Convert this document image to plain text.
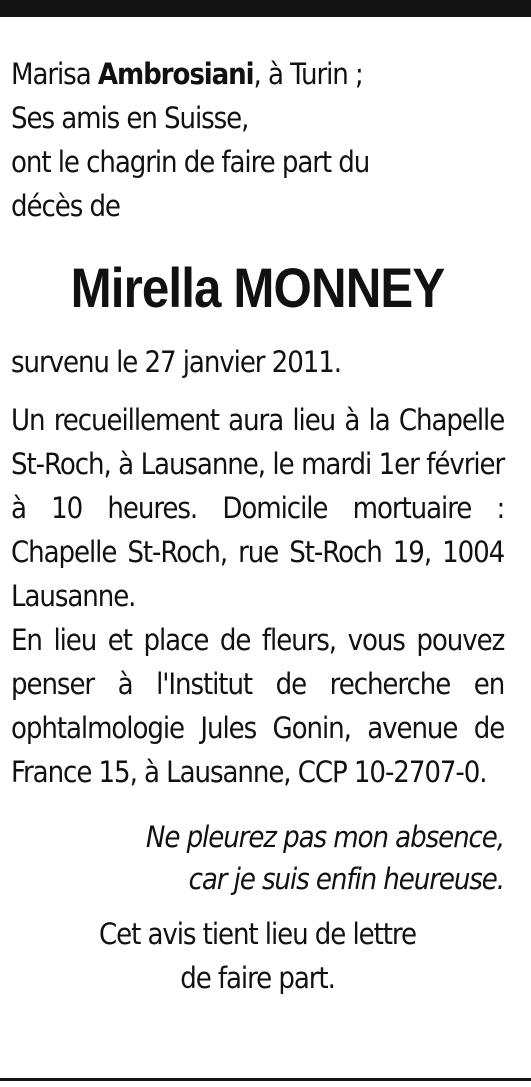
Marisa Ambrosiani, à Turin ;
Ses amis en Suisse,
ont le chagrin de faire part du
décès de
Mirella MONNEY
survenu le 27 janvier 2011.
Un recueillement aura lieu à la Chapelle St-Roch, à Lausanne, le mardi 1er février à 10 heures. Domicile mortuaire : Chapelle St-Roch, rue St-Roch 19, 1004 Lausanne.
En lieu et place de fleurs, vous pouvez penser à l'Institut de recherche en ophtalmologie Jules Gonin, avenue de France 15, à Lausanne, CCP 10-2707-0.
Ne pleurez pas mon absence,
car je suis enfin heureuse.
Cet avis tient lieu de lettre
de faire part.
